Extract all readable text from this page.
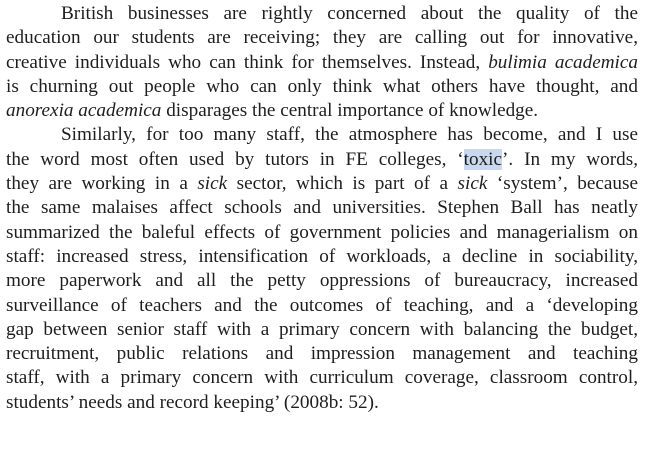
British businesses are rightly concerned about the quality of the
education our students are receiving; they are calling out for innovative,
creative individuals who can think for themselves. Instead, bulimia academica
is churning out people who can only think what others have thought, and
anorexia academica disparages the central importance of knowledge.
Similarly, for too many staff, the atmosphere has become, and I use
the word most often used by tutors in FE colleges, ‘toxic’. In my words,
they are working in a sick sector, which is part of a sick ‘system’, because
the same malaises affect schools and universities. Stephen Ball has neatly
summarized the baleful effects of government policies and managerialism on
staff: increased stress, intensification of workloads, a decline in sociability,
more paperwork and all the petty oppressions of bureaucracy, increased
surveillance of teachers and the outcomes of teaching, and a ‘developing
gap between senior staff with a primary concern with balancing the budget,
recruitment, public relations and impression management and teaching
staff, with a primary concern with curriculum coverage, classroom control,
students’ needs and record keeping’ (2008b: 52).
